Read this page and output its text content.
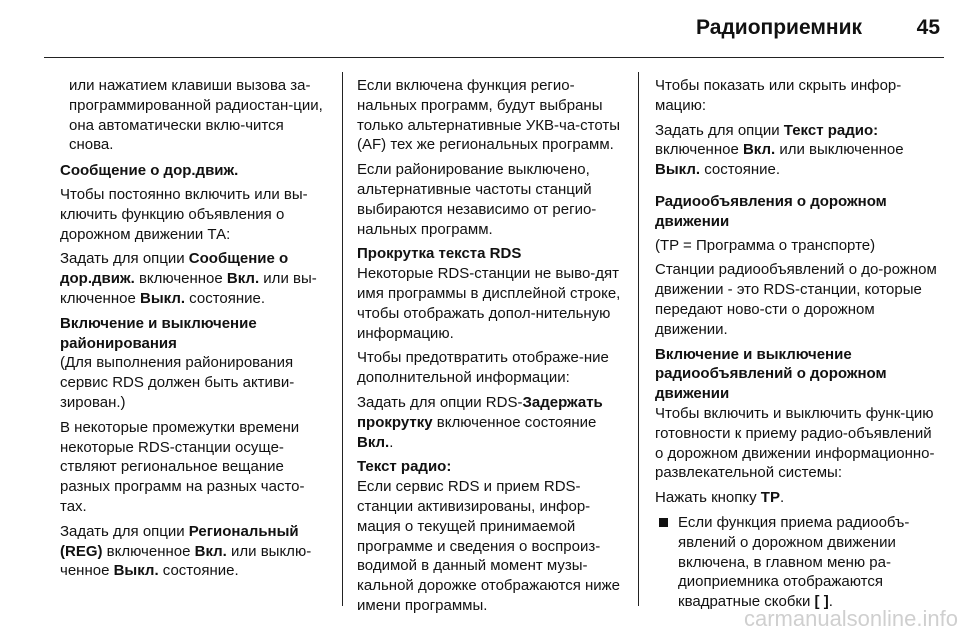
Радиоприемник	45

или нажатием клавиши вызова за-программированной радиостан-ции, она автоматически вклю-чится снова.

Сообщение о дор.движ.

Чтобы постоянно включить или вы-ключить функцию объявления о дорожном движении ТА:

Задать для опции Сообщение о дор.движ. включенное Вкл. или вы-ключенное Выкл. состояние.

Включение и выключение районирования

(Для выполнения районирования сервис RDS должен быть активи-зирован.)

В некоторые промежутки времени некоторые RDS-станции осуще-ствляют региональное вещание разных программ на разных часто-тах.

Задать для опции Региональный (REG) включенное Вкл. или выклю-ченное Выкл. состояние.

Если включена функция регио-нальных программ, будут выбраны только альтернативные УКВ-ча-стоты (AF) тех же региональных программ.

Если районирование выключено, альтернативные частоты станций выбираются независимо от регио-нальных программ.

Прокрутка текста RDS

Некоторые RDS-станции не выво-дят имя программы в дисплейной строке, чтобы отображать допол-нительную информацию.

Чтобы предотвратить отображе-ние дополнительной информации:

Задать для опции RDS-Задержать прокрутку включенное состояние Вкл..

Текст радио:

Если сервис RDS и прием RDS-станции активизированы, инфор-мация о текущей принимаемой программе и сведения о воспроиз-водимой в данный момент музы-кальной дорожке отображаются ниже имени программы.

Чтобы показать или скрыть инфор-мацию:

Задать для опции Текст радио: включенное Вкл. или выключенное Выкл. состояние.

Радиообъявления о дорожном движении

(TP = Программа о транспорте)

Станции радиообъявлений о до-рожном движении - это RDS-станции, которые передают ново-сти о дорожном движении.

Включение и выключение радиообъявлений о дорожном движении

Чтобы включить и выключить функ-цию готовности к приему радио-объявлений о дорожном движении информационно-развлекательной системы:

Нажать кнопку TP.

Если функция приема радиообъ-явлений о дорожном движении включена, в главном меню ра-диоприемника отображаются квадратные скобки [ ].
carmanualsonline.info
